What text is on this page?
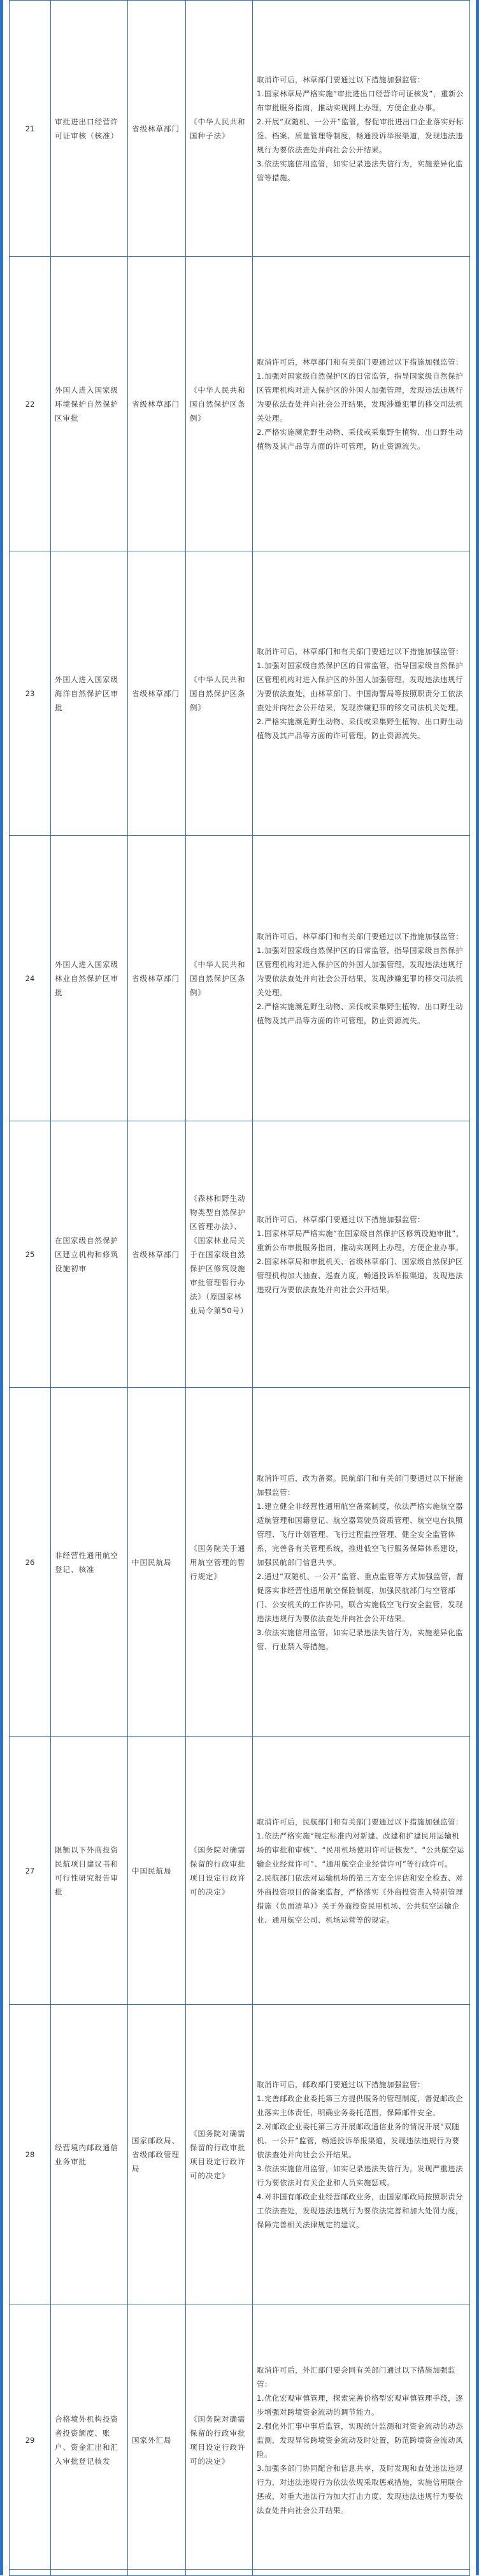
21	审批进出口经营许可证审核（核准）	省级林草部门	《中华人民共和国种子法》	取消许可后，林草部门要通过以下措施加强监管：
1.国家林草局严格实施“审批进出口经营许可证核发”，重新公布审批服务指南，推动实现网上办理，方便企业办事。
2.开展“双随机、一公开”监管，督促审批进出口企业落实好标签、档案、质量管理等制度，畅通投诉举报渠道，发现违法违规行为要依法查处并向社会公开结果。
3.依法实施信用监管，如实记录违法失信行为，实施差异化监管等措施。

22	外国人进入国家级环境保护自然保护区审批	省级林草部门	《中华人民共和国自然保护区条例》	取消许可后，林草部门和有关部门要通过以下措施加强监管：
1.加强对国家级自然保护区的日常监管，指导国家级自然保护区管理机构对进入保护区的外国人加强管理，发现违法违规行为要依法查处并向社会公开结果，发现涉嫌犯罪的移交司法机关处理。
2.严格实施濒危野生动物、采伐或采集野生植物、出口野生动植物及其产品等方面的许可管理，防止资源流失。

23	外国人进入国家级海洋自然保护区审批	省级林草部门	《中华人民共和国自然保护区条例》	取消许可后，林草部门和有关部门要通过以下措施加强监管：
1.加强对国家级自然保护区的日常监管，指导国家级自然保护区管理机构对进入保护区的外国人加强管理，发现违法违规行为要依法查处，由林草部门、中国海警局等按照职责分工依法查处并向社会公开结果，发现涉嫌犯罪的移交司法机关处理。
2.严格实施濒危野生动物、采伐或采集野生植物、出口野生动植物及其产品等方面的许可管理，防止资源流失。

24	外国人进入国家级林业自然保护区审批	省级林草部门	《中华人民共和国自然保护区条例》	取消许可后，林草部门和有关部门要通过以下措施加强监管：
1.加强对国家级自然保护区的日常监管，指导国家级自然保护区管理机构对进入保护区的外国人加强管理，发现违法违规行为要依法查处并向社会公开结果，发现涉嫌犯罪的移交司法机关处理。
2.严格实施濒危野生动物、采伐或采集野生植物、出口野生动植物及其产品等方面的许可管理，防止资源流失。

25	在国家级自然保护区建立机构和修筑设施初审	省级林草部门	《森林和野生动物类型自然保护区管理办法》、《国家林业局关于在国家级自然保护区修筑设施审批管理暂行办法》（原国家林业局令第50号）	取消许可后，林草部门要通过以下措施加强监管：
1.国家林草局严格实施“在国家级自然保护区修筑设施审批”，重新公布审批服务指南，推动实现网上办理，方便企业办事。
2.国家林草局和审批机关、省级林草部门、国家级自然保护区管理机构加大抽查、巡查力度，畅通投诉举报渠道，发现违法违规行为要依法查处并向社会公开结果。

26	非经营性通用航空登记、核准	中国民航局	《国务院关于通用航空管理的暂行规定》	取消许可后，改为备案。民航部门和有关部门要通过以下措施加强监管：
1.建立健全非经营性通用航空备案制度，依法严格实施航空器适航管理和国籍登记、航空器驾驶员资质管理、航空电台执照管理、飞行计划管理、飞行过程监控管理、健全安全监管体系，完善各有关管理系统，推进低空飞行服务保障体系建设，加强民航部门信息共享。
2.通过“双随机、一公开”监管、重点监管等方式加强监管，督促落实非经营性通用航空保险制度，加强民航部门与空管部门、公安机关的工作协同，联合实施低空飞行安全监管，发现违法违规行为要依法查处并向社会公开结果。
3.依法实施信用监管，如实记录违法失信行为，实施差异化监管、行业禁入等措施。

27	限额以下外商投资民航项目建议书和可行性研究报告审批	中国民航局	《国务院对确需保留的行政审批项目设定行政许可的决定》	取消许可后，民航部门和有关部门要通过以下措施加强监管：
1.依法严格实施“规定标准内对新建、改建和扩建民用运输机场的审批和审核”、“民用机场使用许可证核发”、“公共航空运输企业经营许可”、“通用航空企业经营许可”等行政许可。
2.民航部门依法对运输机场的第三方安全评估和安全检查、对外商投资项目的备案监督，严格落实《外商投资准入特别管理措施（负面清单）》关于外商投资民用机场、公共航空运输企业、通用航空公司、机场运营等的规定。

28	经营境内邮政通信业务审批	国家邮政局、省级邮政管理局	《国务院对确需保留的行政审批项目设定行政许可的决定》	取消许可后，邮政部门要通过以下措施加强监管：
1.完善邮政企业委托第三方提供服务的管理制度，督促邮政企业落实主体责任，明确业务委托范围，保障邮件安全。
2.对邮政企业委托第三方开展邮政通信业务的情况开展“双随机、一公开”监管，畅通投诉举报渠道，发现违法违规行为要依法查处并向社会公开结果。
3.依法实施信用监管，如实记录违法失信行为，发现严重违法行为要依法对有关企业和人员实施惩戒。
4.对非国有邮政企业经营邮政业务，由国家邮政局按照职责分工依法查处，发现违法违规行为要依法完善和加大处罚力度，保障完善相关法律规定的建议。

29	合格境外机构投资者投资额度、账户、资金汇出和汇入审批登记核发	国家外汇局	《国务院对确需保留的行政审批项目设定行政许可的决定》	取消许可后，外汇部门要会同有关部门通过以下措施加强监管：
1.优化宏观审慎管理，探索完善价格型宏观审慎管理手段，逐步增强对跨境资金流动的调节能力。
2.强化外汇事中事后监管，实现统计监测和对资金流动的动态监测，发现异常跨境资金流动及时处置，防范跨境资金流动风险。
3.加强多部门协同配合和信息共享，及时发现和查处违法违规行为，对违法违规行为依法依规采取惩戒措施，实施信用联合惩戒，对重大违法行为加大打击力度，发现违法违规行为要依法查处并向社会公开结果。
